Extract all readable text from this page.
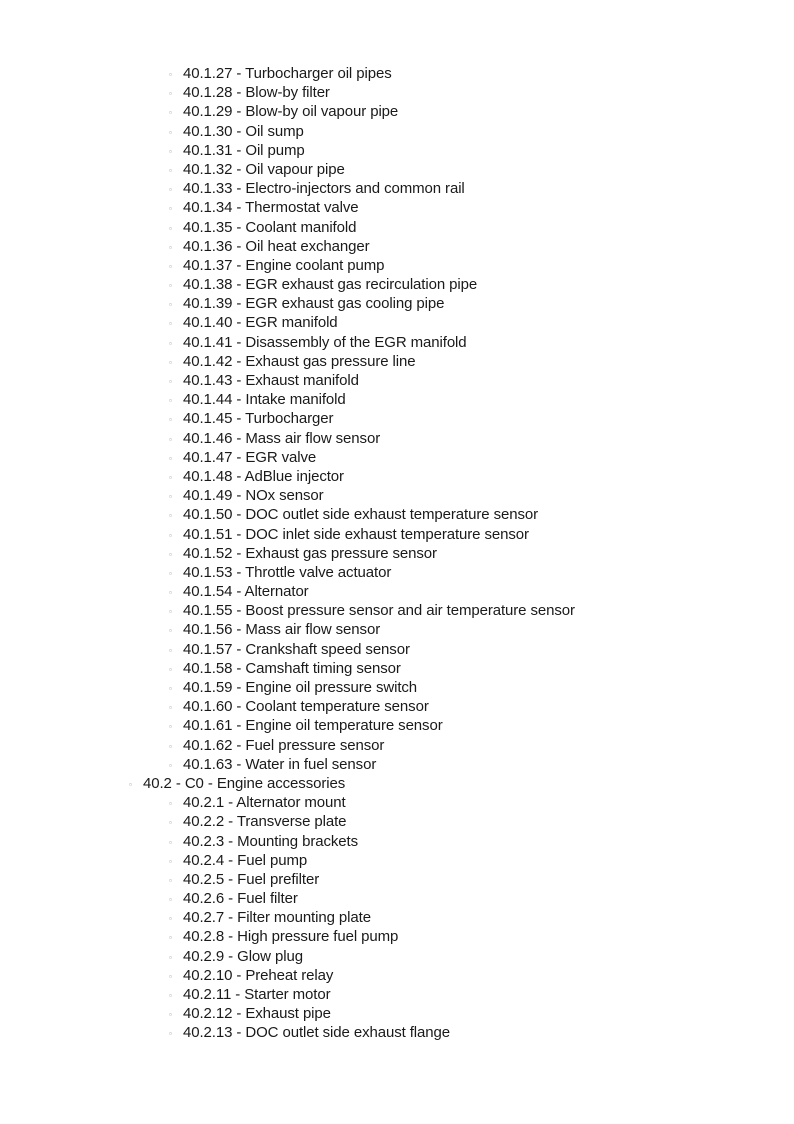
▫ 40.1.27 - Turbocharger oil pipes
▫ 40.1.28 - Blow-by filter
▫ 40.1.29 - Blow-by oil vapour pipe
▫ 40.1.30 - Oil sump
▫ 40.1.31 - Oil pump
▫ 40.1.32 - Oil vapour pipe
▫ 40.1.33 - Electro-injectors and common rail
▫ 40.1.34 - Thermostat valve
▫ 40.1.35 - Coolant manifold
▫ 40.1.36 - Oil heat exchanger
▫ 40.1.37 - Engine coolant pump
▫ 40.1.38 - EGR exhaust gas recirculation pipe
▫ 40.1.39 - EGR exhaust gas cooling pipe
▫ 40.1.40 - EGR manifold
▫ 40.1.41 - Disassembly of the EGR manifold
▫ 40.1.42 - Exhaust gas pressure line
▫ 40.1.43 - Exhaust manifold
▫ 40.1.44 - Intake manifold
▫ 40.1.45 - Turbocharger
▫ 40.1.46 - Mass air flow sensor
▫ 40.1.47 - EGR valve
▫ 40.1.48 - AdBlue injector
▫ 40.1.49 - NOx sensor
▫ 40.1.50 - DOC outlet side exhaust temperature sensor
▫ 40.1.51 - DOC inlet side exhaust temperature sensor
▫ 40.1.52 - Exhaust gas pressure sensor
▫ 40.1.53 - Throttle valve actuator
▫ 40.1.54 - Alternator
▫ 40.1.55 - Boost pressure sensor and air temperature sensor
▫ 40.1.56 - Mass air flow sensor
▫ 40.1.57 - Crankshaft speed sensor
▫ 40.1.58 - Camshaft timing sensor
▫ 40.1.59 - Engine oil pressure switch
▫ 40.1.60 - Coolant temperature sensor
▫ 40.1.61 - Engine oil temperature sensor
▫ 40.1.62 - Fuel pressure sensor
▫ 40.1.63 - Water in fuel sensor
▫ 40.2 - C0 - Engine accessories
▫ 40.2.1 - Alternator mount
▫ 40.2.2 - Transverse plate
▫ 40.2.3 - Mounting brackets
▫ 40.2.4 - Fuel pump
▫ 40.2.5 - Fuel prefilter
▫ 40.2.6 - Fuel filter
▫ 40.2.7 - Filter mounting plate
▫ 40.2.8 - High pressure fuel pump
▫ 40.2.9 - Glow plug
▫ 40.2.10 - Preheat relay
▫ 40.2.11 - Starter motor
▫ 40.2.12 - Exhaust pipe
▫ 40.2.13 - DOC outlet side exhaust flange
